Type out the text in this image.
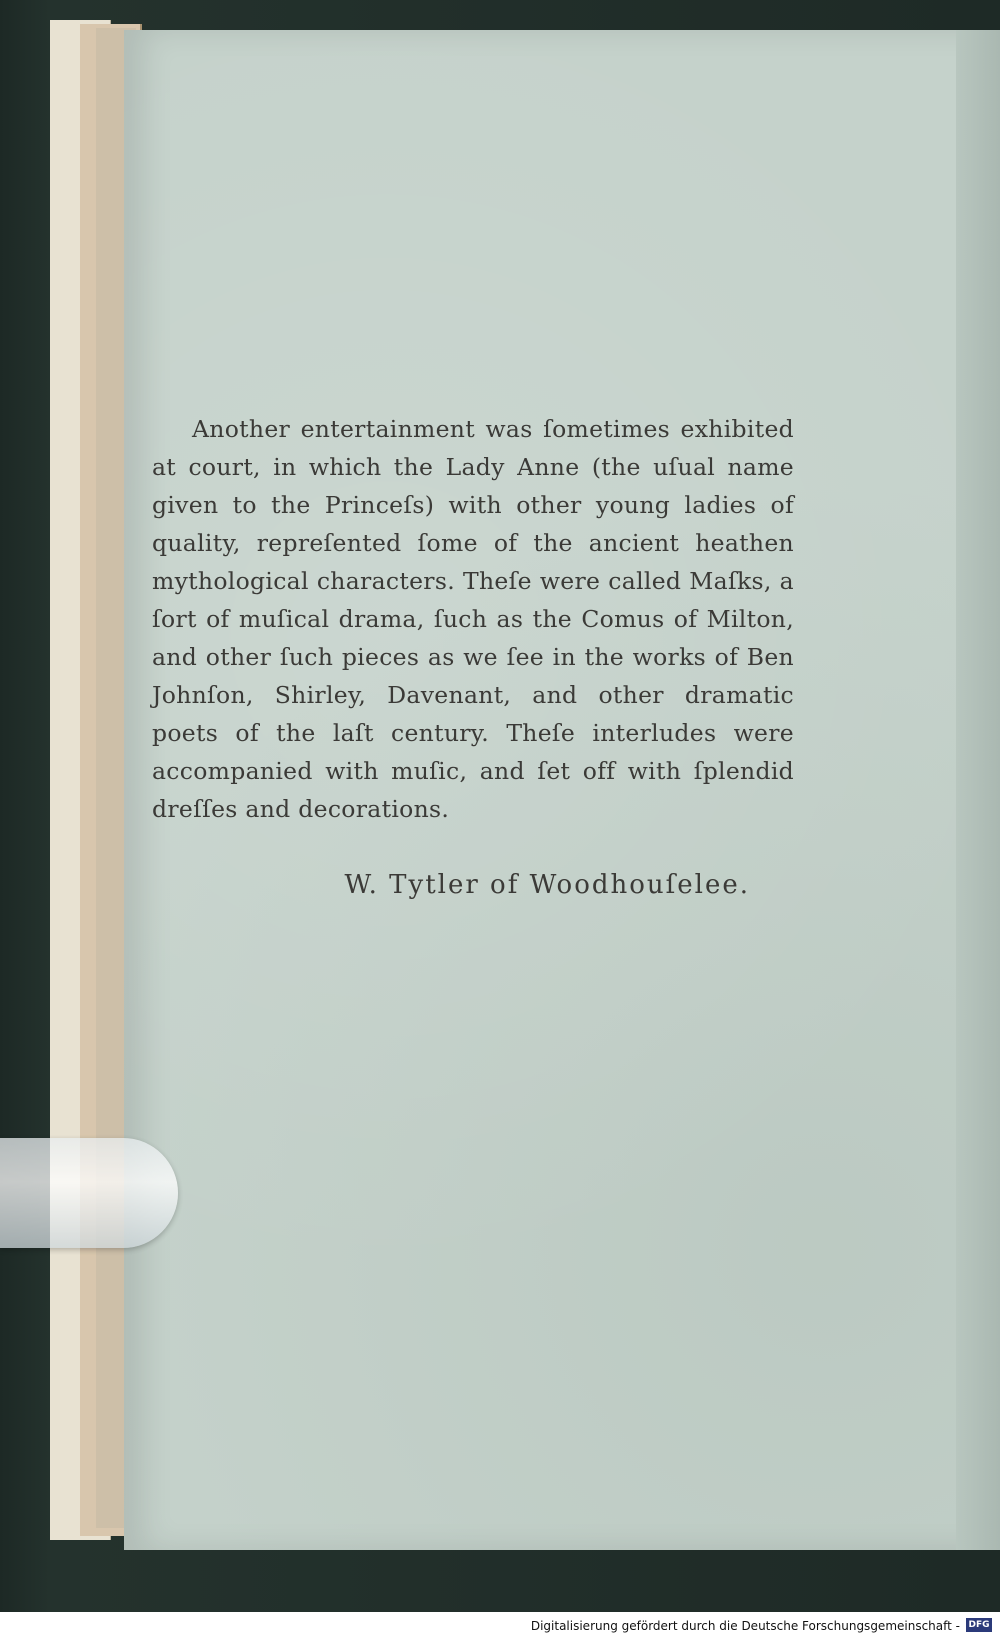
Another entertainment was ſometimes exhibited at court, in which the Lady Anne (the uſual name given to the Princeſs) with other young ladies of quality, repreſented ſome of the ancient heathen mythological characters. Theſe were called Maſks, a ſort of muſical drama, ſuch as the Comus of Milton, and other ſuch pieces as we ſee in the works of Ben Johnſon, Shirley, Davenant, and other dramatic poets of the laſt century. Theſe interludes were accompanied with muſic, and ſet off with ſplendid dreſſes and decorations.
W. Tytler of Woodhouſelee.
Digitalisierung gefördert durch die Deutsche Forschungsgemeinschaft - DFG
